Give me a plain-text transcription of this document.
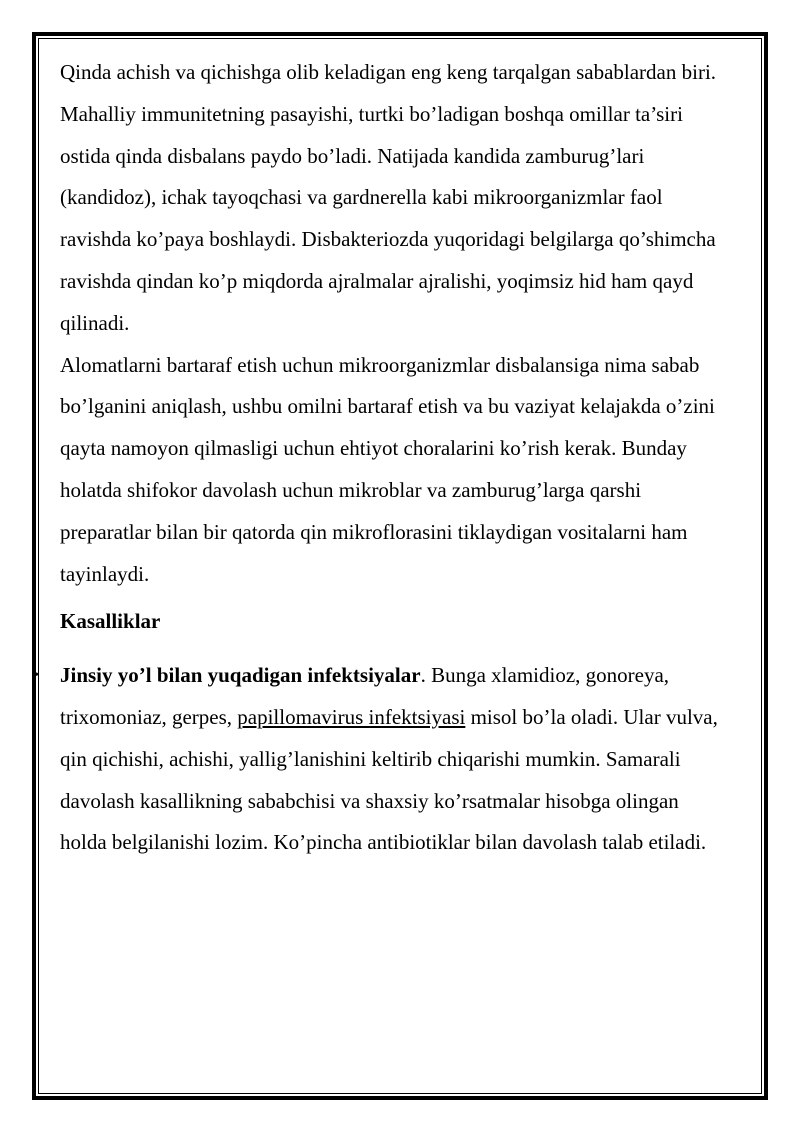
Qinda achish va qichishga olib keladigan eng keng tarqalgan sabablardan biri. Mahalliy immunitetning pasayishi, turtki bo’ladigan boshqa omillar ta’siri ostida qinda disbalans paydo bo’ladi. Natijada kandida zamburug’lari (kandidoz), ichak tayoqchasi va gardnerella kabi mikroorganizmlar faol ravishda ko’paya boshlaydi. Disbakteriozda yuqoridagi belgilarga qo’shimcha ravishda qindan ko’p miqdorda ajralmalar ajralishi, yoqimsiz hid ham qayd qilinadi.

Alomatlarni bartaraf etish uchun mikroorganizmlar disbalansiga nima sabab bo’lganini aniqlash, ushbu omilni bartaraf etish va bu vaziyat kelajakda o’zini qayta namoyon qilmasligi uchun ehtiyot choralarini ko’rish kerak. Bunday holatda shifokor davolash uchun mikroblar va zamburug’larga qarshi preparatlar bilan bir qatorda qin mikroflorasini tiklaydigan vositalarni ham tayinlaydi.

Kasalliklar

• Jinsiy yo’l bilan yuqadigan infektsiyalar. Bunga xlamidioz, gonoreya, trixomoniaz, gerpes, papillomavirus infektsiyasi misol bo’la oladi. Ular vulva, qin qichishi, achishi, yallig’lanishini keltirib chiqarishi mumkin. Samarali davolash kasallikning sababchisi va shaxsiy ko’rsatmalar hisobga olingan holda belgilanishi lozim. Ko’pincha antibiotiklar bilan davolash talab etiladi.
